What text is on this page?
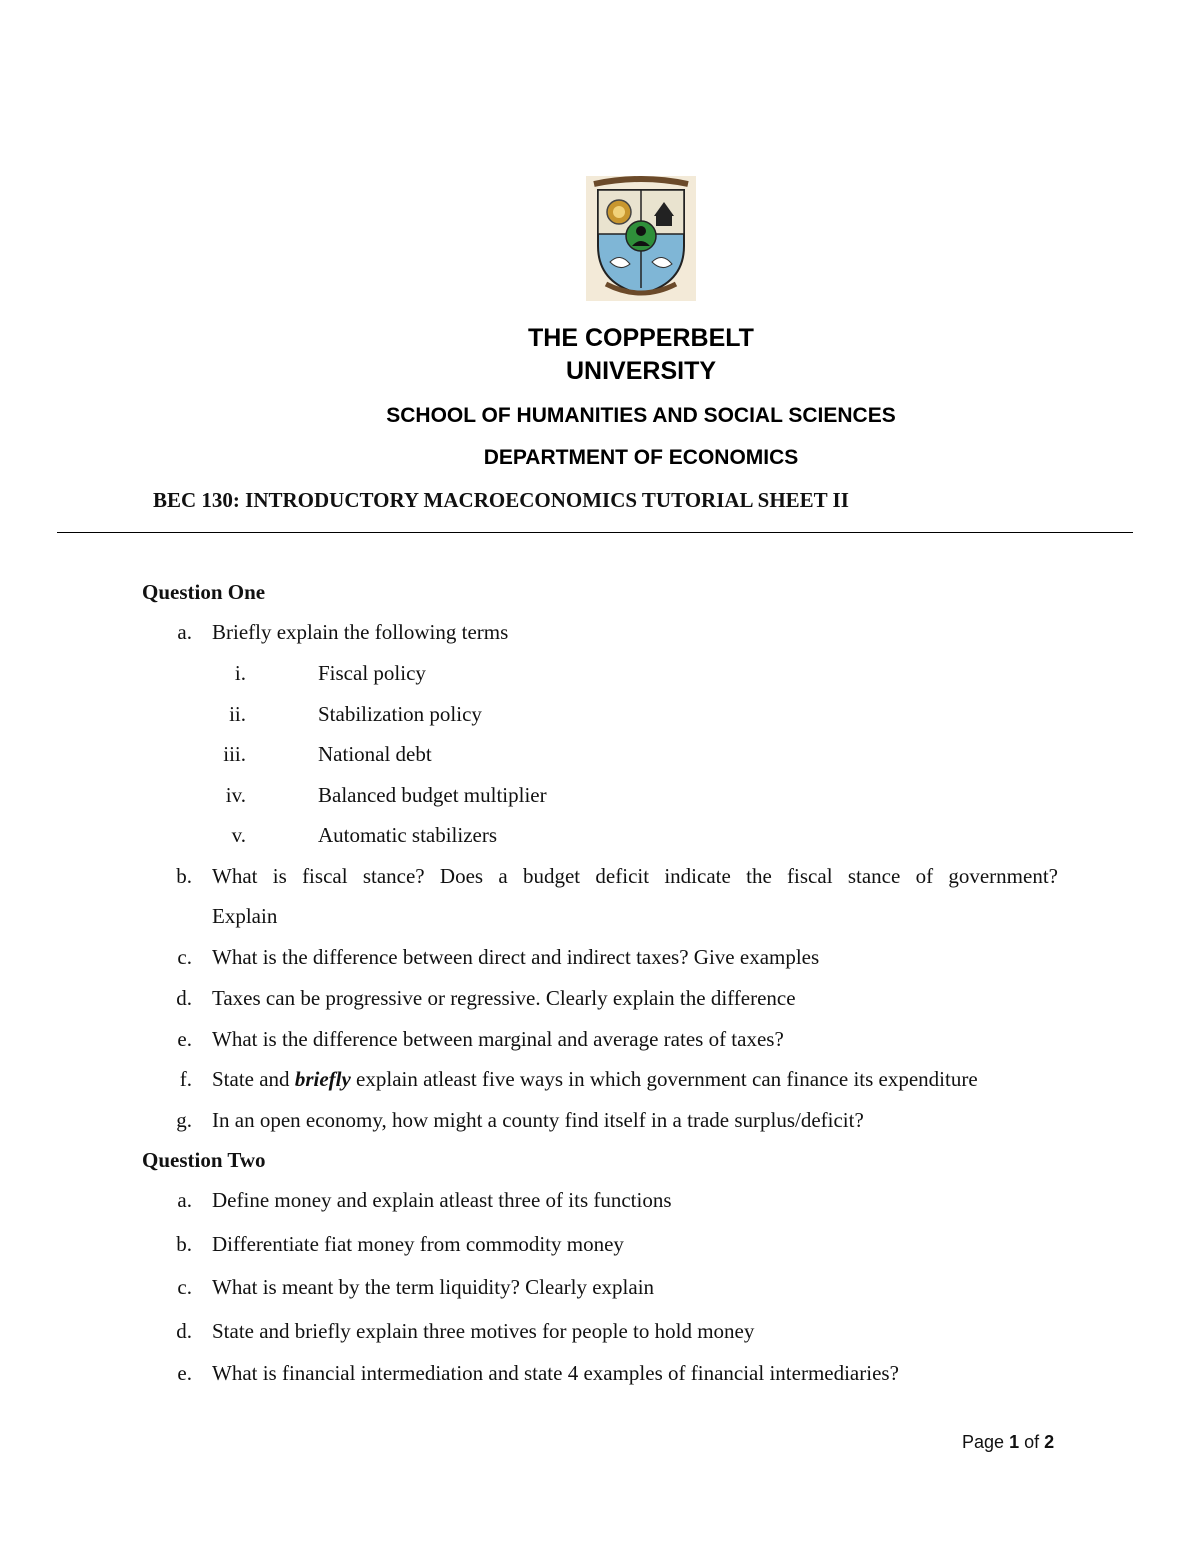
THE COPPERBELT
UNIVERSITY
SCHOOL OF HUMANITIES AND SOCIAL SCIENCES
DEPARTMENT OF ECONOMICS
BEC 130: INTRODUCTORY MACROECONOMICS TUTORIAL SHEET II
Question One
a. Briefly explain the following terms
i.	Fiscal policy
ii.	Stabilization policy
iii.	National debt
iv.	Balanced budget multiplier
v.	Automatic stabilizers
b. What is fiscal stance? Does a budget deficit indicate the fiscal stance of government?
Explain
c. What is the difference between direct and indirect taxes? Give examples
d. Taxes can be progressive or regressive. Clearly explain the difference
e. What is the difference between marginal and average rates of taxes?
f. State and briefly explain atleast five ways in which government can finance its expenditure
g. In an open economy, how might a county find itself in a trade surplus/deficit?
Question Two
a. Define money and explain atleast three of its functions
b. Differentiate fiat money from commodity money
c. What is meant by the term liquidity? Clearly explain
d. State and briefly explain three motives for people to hold money
e. What is financial intermediation and state 4 examples of financial intermediaries?
Page 1 of 2
